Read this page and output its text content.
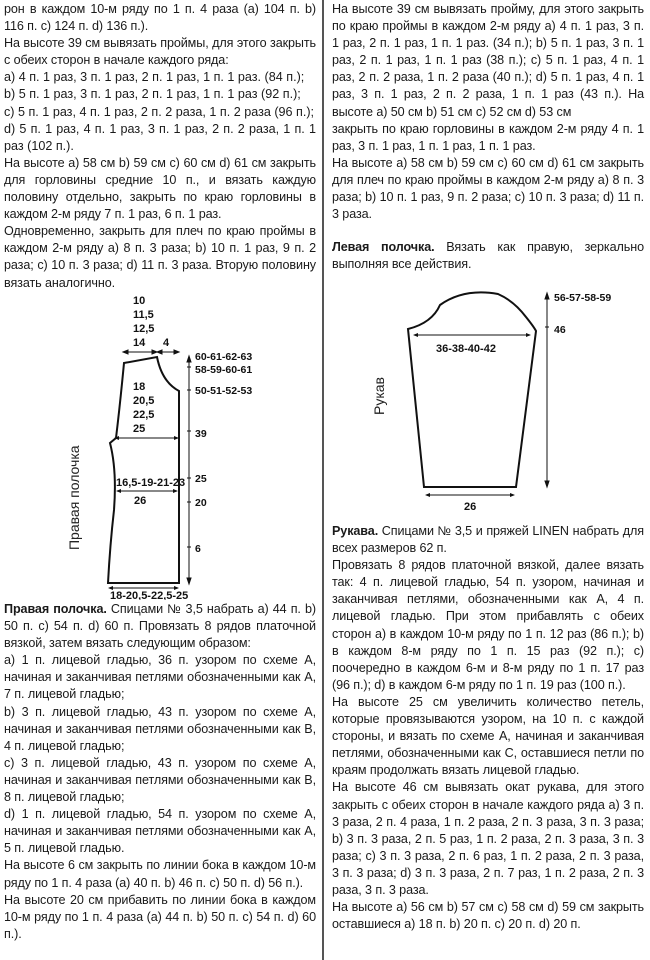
рон в каждом 10-м ряду по 1 п. 4 раза (а) 104 п. b) 116 п. c) 124 п. d) 136 п.).

На высоте 39 см вывязать проймы, для этого закрыть с обеих сторон в начале каждого ряда:

a) 4 п. 1 раз, 3 п. 1 раз, 2 п. 1 раз, 1 п. 1 раз. (84 п.);

b) 5 п. 1 раз, 3 п. 1 раз, 2 п. 1 раз, 1 п. 1 раз (92 п.);

c) 5 п. 1 раз, 4 п. 1 раз, 2 п. 2 раза, 1 п. 2 раза (96 п.);

d) 5 п. 1 раз, 4 п. 1 раз, 3 п. 1 раз, 2 п. 2 раза, 1 п. 1 раз (102 п.).

На высоте а) 58 см b) 59 см c) 60 см d) 61 см закрыть для горловины средние 10 п., и вязать каждую половину отдельно, закрыть по краю горловины в каждом 2-м ряду 7 п. 1 раз, 6 п. 1 раз.

Одновременно, закрыть для плеч по краю проймы в каждом 2-м ряду а) 8 п. 3 раза; b) 10 п. 1 раз, 9 п. 2 раза; c) 10 п. 3 раза; d) 11 п. 3 раза. Вторую половину вязать аналогично.

Правая полочка
10
11,5
12,5
14 4
18
20,5
22,5
25
16,5-19-21-23
26
18-20,5-22,5-25
60-61-62-63
58-59-60-61
50-51-52-53
39
25
20
6

Правая полочка. Спицами № 3,5 набрать а) 44 п. b) 50 п. c) 54 п. d) 60 п. Провязать 8 рядов платочной вязкой, затем вязать следующим образом:

a) 1 п. лицевой гладью, 36 п. узором по схеме А, начиная и заканчивая петлями обозначенными как А, 7 п. лицевой гладью;

b) 3 п. лицевой гладью, 43 п. узором по схеме А, начиная и заканчивая петлями обозначенными как В, 4 п. лицевой гладью;

c) 3 п. лицевой гладью, 43 п. узором по схеме А, начиная и заканчивая петлями обозначенными как В, 8 п. лицевой гладью;

d) 1 п. лицевой гладью, 54 п. узором по схеме А, начиная и заканчивая петлями обозначенными как А, 5 п. лицевой гладью.

На высоте 6 см закрыть по линии бока в каждом 10-м ряду по 1 п. 4 раза (а) 40 п. b) 46 п. c) 50 п. d) 56 п.).

На высоте 20 см прибавить по линии бока в каждом 10-м ряду по 1 п. 4 раза (а) 44 п. b) 50 п. c) 54 п. d) 60 п.).

На высоте 39 см вывязать пройму, для этого закрыть по краю проймы в каждом 2-м ряду а) 4 п. 1 раз, 3 п. 1 раз, 2 п. 1 раз, 1 п. 1 раз. (34 п.); b) 5 п. 1 раз, 3 п. 1 раз, 2 п. 1 раз, 1 п. 1 раз (38 п.); c) 5 п. 1 раз, 4 п. 1 раз, 2 п. 2 раза, 1 п. 2 раза (40 п.); d) 5 п. 1 раз, 4 п. 1 раз, 3 п. 1 раз, 2 п. 2 раза, 1 п. 1 раз (43 п.). На высоте а) 50 см b) 51 см c) 52 см d) 53 см

закрыть по краю горловины в каждом 2-м ряду 4 п. 1 раз, 3 п. 1 раз, 1 п. 1 раз, 1 п. 1 раз.

На высоте а) 58 см b) 59 см c) 60 см d) 61 см закрыть для плеч по краю проймы в каждом 2-м ряду а) 8 п. 3 раза; b) 10 п. 1 раз, 9 п. 2 раза; c) 10 п. 3 раза; d) 11 п. 3 раза.

Левая полочка. Вязать как правую, зеркально выполняя все действия.

Рукав
36-38-40-42
26
56-57-58-59
46

Рукава. Спицами № 3,5 и пряжей LINEN набрать для всех размеров 62 п.

Провязать 8 рядов платочной вязкой, далее вязать так: 4 п. лицевой гладью, 54 п. узором, начиная и заканчивая петлями, обозначенными как А, 4 п. лицевой гладью. При этом прибавлять с обеих сторон а) в каждом 10-м ряду по 1 п. 12 раз (86 п.); b) в каждом 8-м ряду по 1 п. 15 раз (92 п.); c) поочередно в каждом 6-м и 8-м ряду по 1 п. 17 раз (96 п.); d) в каждом 6-м ряду по 1 п. 19 раз (100 п.).

На высоте 25 см увеличить количество петель, которые провязываются узором, на 10 п. с каждой стороны, и вязать по схеме А, начиная и заканчивая петлями, обозначенными как С, оставшиеся петли по краям продолжать вязать лицевой гладью.

На высоте 46 см вывязать окат рукава, для этого закрыть с обеих сторон в начале каждого ряда а) 3 п. 3 раза, 2 п. 4 раза, 1 п. 2 раза, 2 п. 3 раза, 3 п. 3 раза; b) 3 п. 3 раза, 2 п. 5 раз, 1 п. 2 раза, 2 п. 3 раза, 3 п. 3 раза; c) 3 п. 3 раза, 2 п. 6 раз, 1 п. 2 раза, 2 п. 3 раза, 3 п. 3 раза; d) 3 п. 3 раза, 2 п. 7 раз, 1 п. 2 раза, 2 п. 3 раза, 3 п. 3 раза.

На высоте а) 56 см b) 57 см c) 58 см d) 59 см закрыть оставшиеся а) 18 п. b) 20 п. c) 20 п. d) 20 п.
